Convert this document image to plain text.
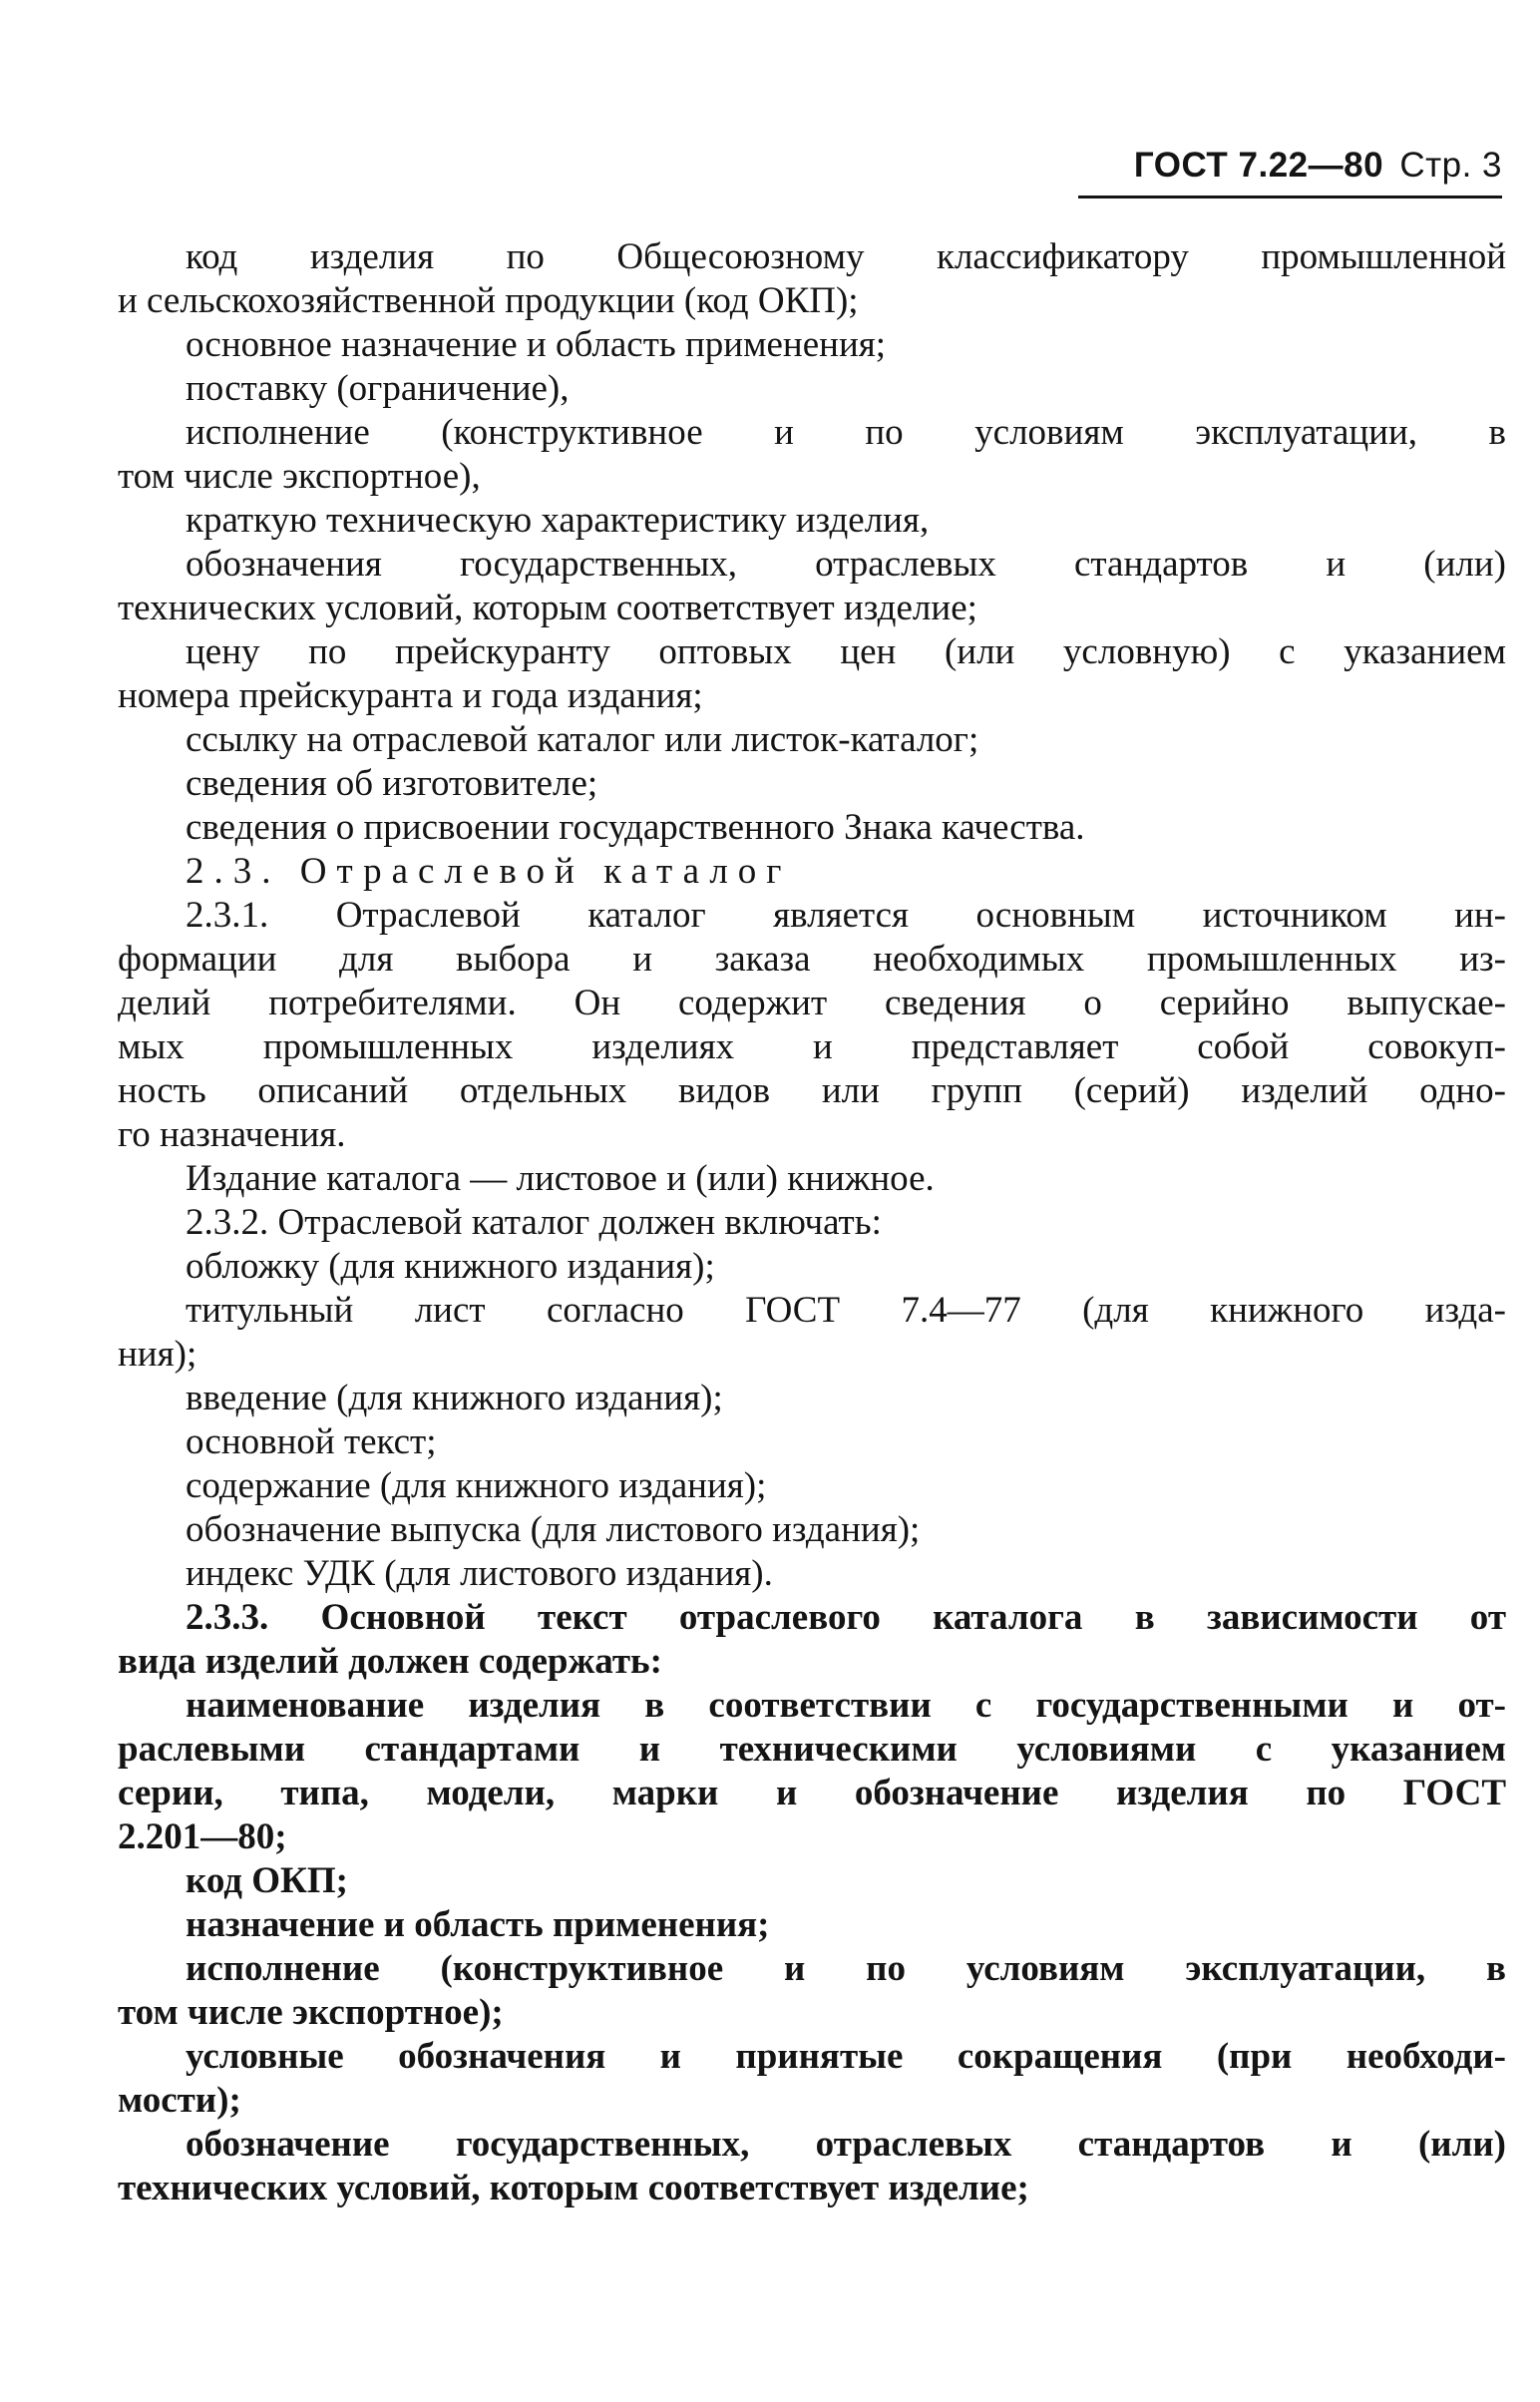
ГОСТ 7.22—80 Стр. 3
код изделия по Общесоюзному классификатору промышленной
и сельскохозяйственной продукции (код ОКП);
основное назначение и область применения;
поставку (ограничение),
исполнение (конструктивное и по условиям эксплуатации, в
том числе экспортное),
краткую техническую характеристику изделия,
обозначения государственных, отраслевых стандартов и (или)
технических условий, которым соответствует изделие;
цену по прейскуранту оптовых цен (или условную) с указанием
номера прейскуранта и года издания;
ссылку на отраслевой каталог или листок-каталог;
сведения об изготовителе;
сведения о присвоении государственного Знака качества.
2.3. Отраслевой каталог
2.3.1. Отраслевой каталог является основным источником ин-
формации для выбора и заказа необходимых промышленных из-
делий потребителями. Он содержит сведения о серийно выпускае-
мых промышленных изделиях и представляет собой совокуп-
ность описаний отдельных видов или групп (серий) изделий одно-
го назначения.
Издание каталога — листовое и (или) книжное.
2.3.2. Отраслевой каталог должен включать:
обложку (для книжного издания);
титульный лист согласно ГОСТ 7.4—77 (для книжного изда-
ния);
введение (для книжного издания);
основной текст;
содержание (для книжного издания);
обозначение выпуска (для листового издания);
индекс УДК (для листового издания).
2.3.3. Основной текст отраслевого каталога в зависимости от
вида изделий должен содержать:
наименование изделия в соответствии с государственными и от-
раслевыми стандартами и техническими условиями с указанием
серии, типа, модели, марки и обозначение изделия по ГОСТ
2.201—80;
код ОКП;
назначение и область применения;
исполнение (конструктивное и по условиям эксплуатации, в
том числе экспортное);
условные обозначения и принятые сокращения (при необходи-
мости);
обозначение государственных, отраслевых стандартов и (или)
технических условий, которым соответствует изделие;
